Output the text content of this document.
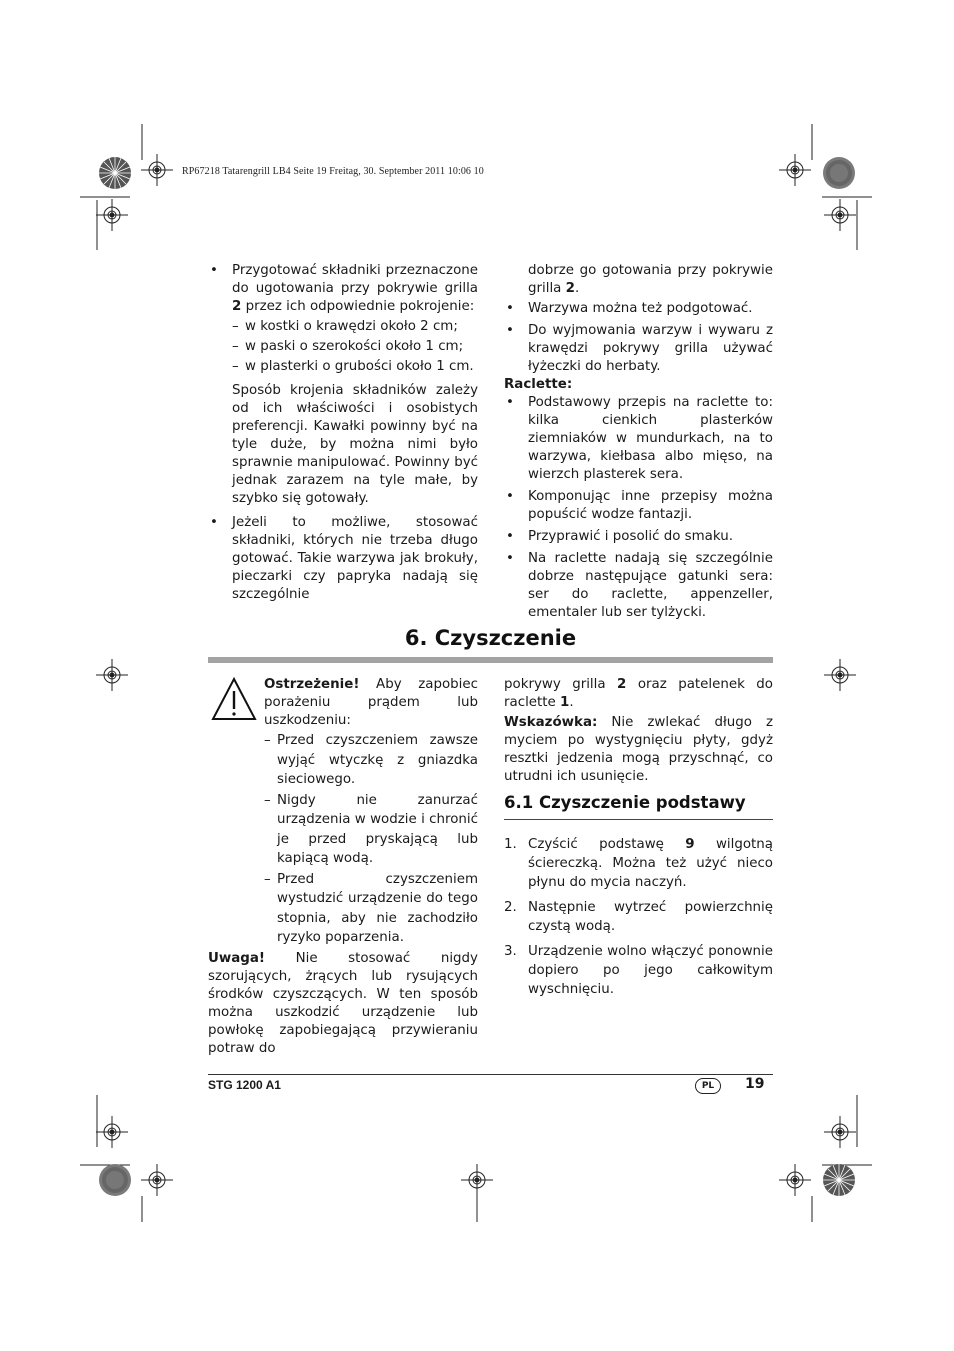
RP67218 Tatarengrill LB4 Seite 19 Freitag, 30. September 2011 10:06 10
• Przygotować składniki przeznaczone do ugotowania przy pokrywie grilla 2 przez ich odpowiednie pokrojenie:
– w kostki o krawędzi około 2 cm;
– w paski o szerokości około 1 cm;
– w plasterki o grubości około 1 cm.

Sposób krojenia składników zależy od ich właściwości i osobistych preferencji. Kawałki powinny być na tyle duże, by można nimi było sprawnie manipulować. Powinny być jednak zarazem na tyle małe, by szybko się gotowały.

• Jeżeli to możliwe, stosować składniki, których nie trzeba długo gotować. Takie warzywa jak brokuły, pieczarki czy papryka nadają się szczególnie

dobrze go gotowania przy pokrywie grilla 2.

• Warzywa można też podgotować.
• Do wyjmowania warzyw i wywaru z krawędzi pokrywy grilla używać łyżeczki do herbaty.

Raclette:

• Podstawowy przepis na raclette to: kilka cienkich plasterków ziemniaków w mundurkach, na to warzywa, kiełbasa albo mięso, na wierzch plasterek sera.
• Komponując inne przepisy można popuścić wodze fantazji.
• Przyprawić i posolić do smaku.
• Na raclette nadają się szczególnie dobrze następujące gatunki sera: ser do raclette, appenzeller, ementaler lub ser tylżycki.
6. Czyszczenie

Ostrzeżenie! Aby zapobiec porażeniu prądem lub uszkodzeniu:

– Przed czyszczeniem zawsze wyjąć wtyczkę z gniazdka sieciowego.
– Nigdy nie zanurzać urządzenia w wodzie i chronić je przed pryskającą lub kapiącą wodą.
– Przed czyszczeniem wystudzić urządzenie do tego stopnia, aby nie zachodziło ryzyko poparzenia.

Uwaga! Nie stosować nigdy szorujących, żrących lub rysujących środków czyszczących. W ten sposób można uszkodzić urządzenie lub powłokę zapobiegającą przywieraniu potraw do

pokrywy grilla 2 oraz patelenek do raclette 1.

Wskazówka: Nie zwlekać długo z myciem po wystygnięciu płyty, gdyż resztki jedzenia mogą przyschnąć, co utrudni ich usunięcie.

6.1 Czyszczenie podstawy
1. Czyścić podstawę 9 wilgotną ściereczką. Można też użyć nieco płynu do mycia naczyń.
2. Następnie wytrzeć powierzchnię czystą wodą.
3. Urządzenie wolno włączyć ponownie dopiero po jego całkowitym wyschnięciu.
STG 1200 A1	PL	19
